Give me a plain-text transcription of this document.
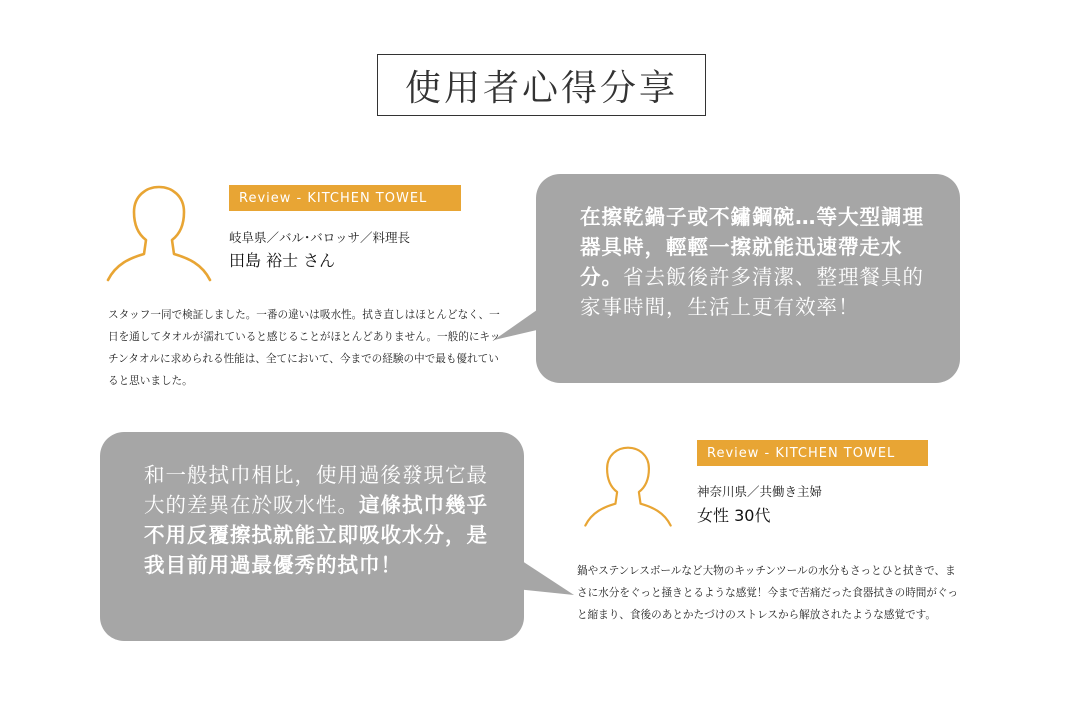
使用者心得分享
Review - KITCHEN TOWEL
岐阜県／バル･バロッサ／料理長
田島 裕士 さん
スタッフ一同で検証しました。一番の違いは吸水性。拭き直しはほとんどなく、一日を通してタオルが濡れていると感じることがほとんどありません。一般的にキッチンタオルに求められる性能は、全てにおいて、今までの経験の中で最も優れていると思いました。
在擦乾鍋子或不鏽鋼碗…等大型調理器具時，輕輕一擦就能迅速帶走水分。省去飯後許多清潔、整理餐具的家事時間，生活上更有效率！
和一般拭巾相比，使用過後發現它最大的差異在於吸水性。這條拭巾幾乎不用反覆擦拭就能立即吸收水分，是我目前用過最優秀的拭巾！
Review - KITCHEN TOWEL
神奈川県／共働き主婦
女性 30代
鍋やステンレスボールなど大物のキッチンツールの水分もさっとひと拭きで、まさに水分をぐっと掻きとるような感覚！今まで苦痛だった食器拭きの時間がぐっと縮まり、食後のあとかたづけのストレスから解放されたような感覚です。
